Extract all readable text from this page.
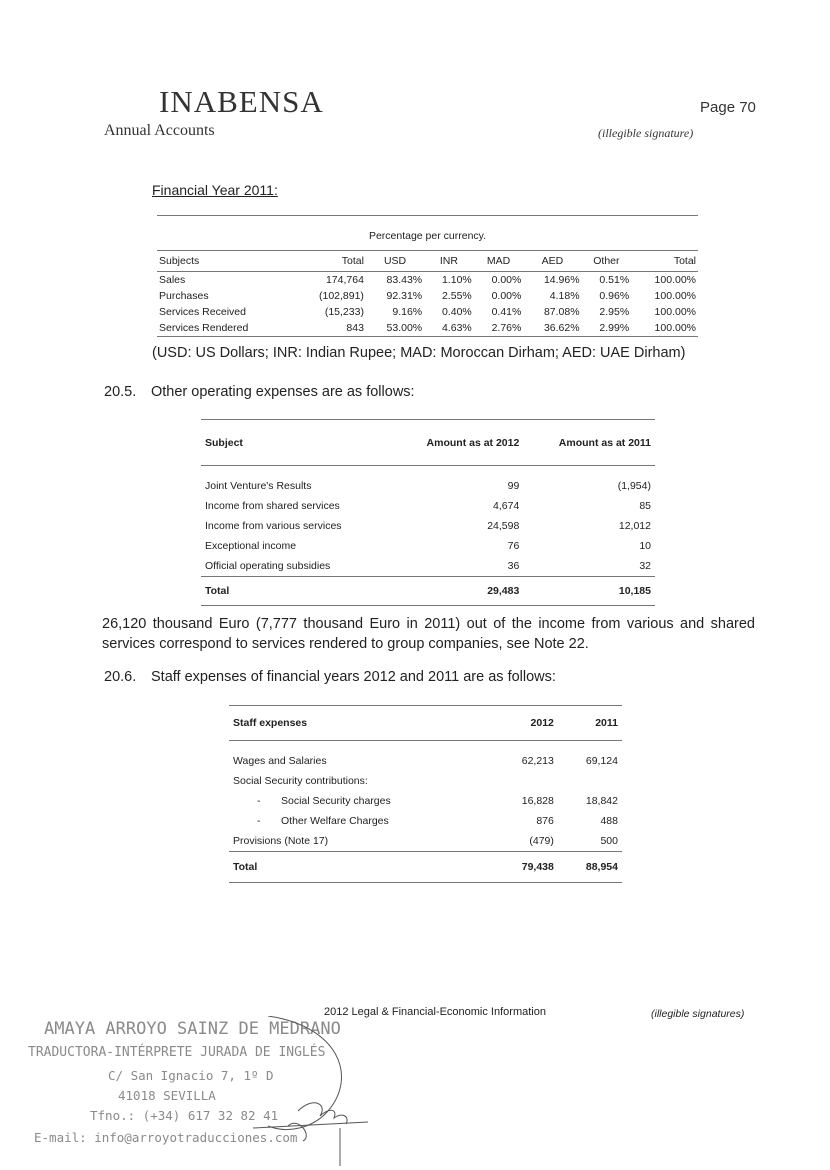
INABENSA
Annual Accounts
Page 70
(illegible signature)
Financial Year 2011:
Percentage per currency.							
Subjects	Total	USD	INR	MAD	AED	Other	Total
Sales	174,764	83.43%	1.10%	0.00%	14.96%	0.51%	100.00%
Purchases	(102,891)	92.31%	2.55%	0.00%	4.18%	0.96%	100.00%
Services Received	(15,233)	9.16%	0.40%	0.41%	87.08%	2.95%	100.00%
Services Rendered	843	53.00%	4.63%	2.76%	36.62%	2.99%	100.00%
(USD: US Dollars; INR: Indian Rupee; MAD: Moroccan Dirham; AED: UAE Dirham)
20.5. Other operating expenses are as follows:
Subject	Amount as at 2012	Amount as at 2011
Joint Venture's Results	99	(1,954)
Income from shared services	4,674	85
Income from various services	24,598	12,012
Exceptional income	76	10
Official operating subsidies	36	32
Total	29,483	10,185
26,120 thousand Euro (7,777 thousand Euro in 2011) out of the income from various and shared services correspond to services rendered to group companies, see Note 22.
20.6. Staff expenses of financial years 2012 and 2011 are as follows:
Staff expenses	2012	2011
Wages and Salaries	62,213	69,124
Social Security contributions:		
- Social Security charges	16,828	18,842
- Other Welfare Charges	876	488
Provisions (Note 17)	(479)	500
Total	79,438	88,954
2012 Legal & Financial-Economic Information	(illegible signatures)
AMAYA ARROYO SAINZ DE MEDRANO
TRADUCTORA-INTÉRPRETE JURADA DE INGLÉS
C/ San Ignacio 7, 1º D
41018 SEVILLA
Tfno.: (+34) 617 32 82 41
E-mail: info@arroyotraducciones.com
